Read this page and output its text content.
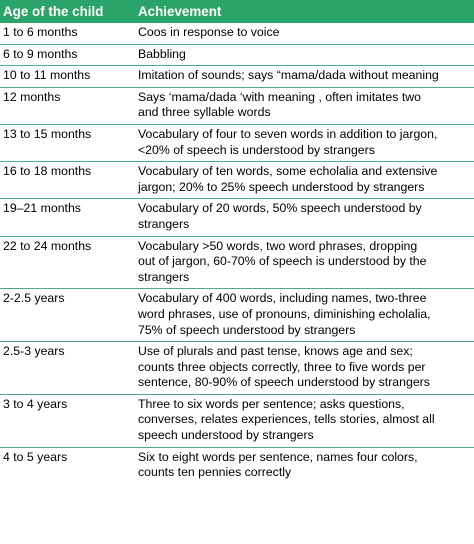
Age of the child	Achievement
1 to 6 months	Coos in response to voice
6 to 9 months	Babbling
10 to 11 months	Imitation of sounds; says “mama/dada without meaning
12 months	Says ‘mama/dada ‘with meaning , often imitates two
and three syllable words
13 to 15 months	Vocabulary of four to seven words in addition to jargon,
<20% of speech is understood by strangers
16 to 18 months	Vocabulary of ten words, some echolalia and extensive
jargon; 20% to 25% speech understood by strangers
19–21 months	Vocabulary of 20 words, 50% speech understood by
strangers
22 to 24 months	Vocabulary >50 words, two word phrases, dropping
out of jargon, 60-70% of speech is understood by the
strangers
2-2.5 years	Vocabulary of 400 words, including names, two-three
word phrases, use of pronouns, diminishing echolalia,
75% of speech understood by strangers
2.5-3 years	Use of plurals and past tense, knows age and sex;
counts three objects correctly, three to five words per
sentence, 80-90% of speech understood by strangers
3 to 4 years	Three to six words per sentence; asks questions,
converses, relates experiences, tells stories, almost all
speech understood by strangers
4 to 5 years	Six to eight words per sentence, names four colors,
counts ten pennies correctly
